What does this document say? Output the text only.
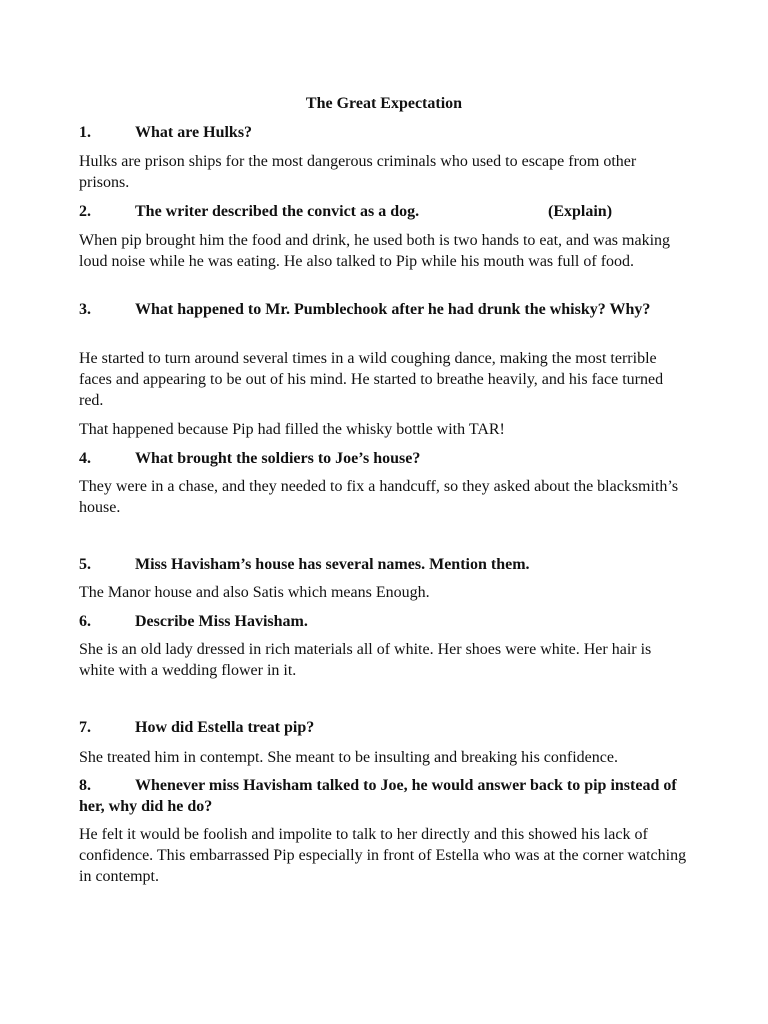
The Great Expectation

1.	What are Hulks?

Hulks are prison ships for the most dangerous criminals who used to escape from other prisons.

2.	The writer described the convict as a dog.	(Explain)

When pip brought him the food and drink, he used both is two hands to eat, and was making loud noise while he was eating. He also talked to Pip while his mouth was full of food.

3.	What happened to Mr. Pumblechook after he had drunk the whisky? Why?

He started to turn around several times in a wild coughing dance, making the most terrible faces and appearing to be out of his mind. He started to breathe heavily, and his face turned red.

That happened because Pip had filled the whisky bottle with TAR!

4.	What brought the soldiers to Joe’s house?

They were in a chase, and they needed to fix a handcuff, so they asked about the blacksmith’s house.

5.	Miss Havisham’s house has several names. Mention them.

The Manor house and also Satis which means Enough.

6.	Describe Miss Havisham.

She is an old lady dressed in rich materials all of white. Her shoes were white. Her hair is white with a wedding flower in it.

7.	How did Estella treat pip?

She treated him in contempt. She meant to be insulting and breaking his confidence.

8.	Whenever miss Havisham talked to Joe, he would answer back to pip instead of her, why did he do?

He felt it would be foolish and impolite to talk to her directly and this showed his lack of confidence. This embarrassed Pip especially in front of Estella who was at the corner watching in contempt.
